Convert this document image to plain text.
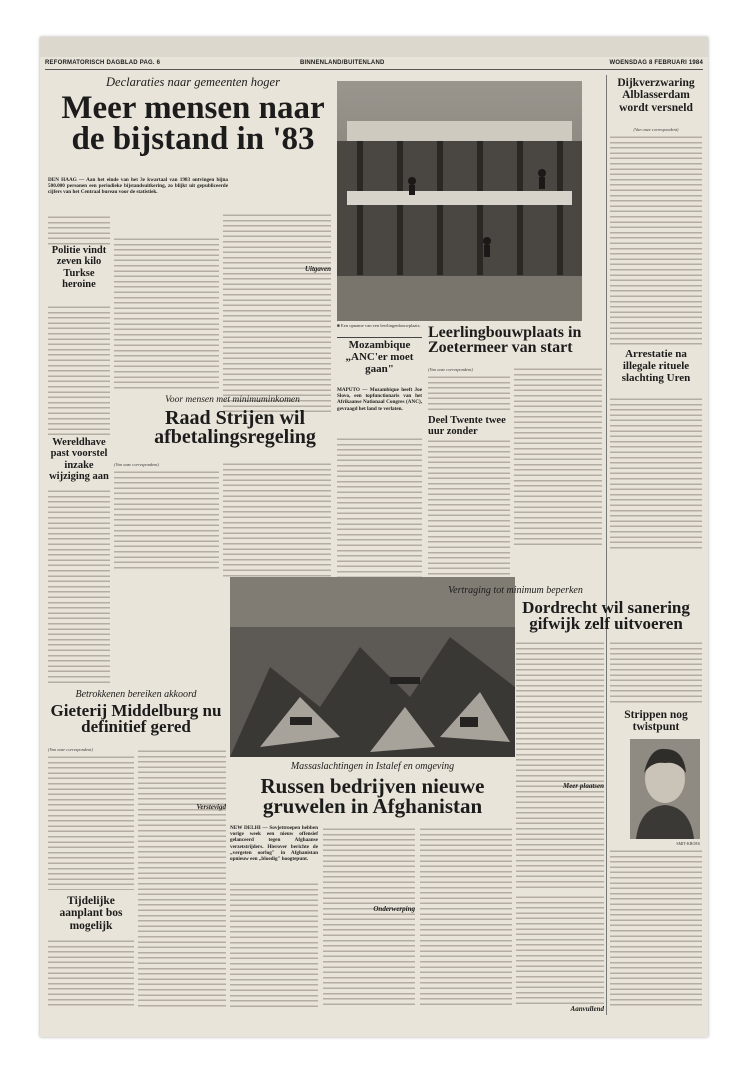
REFORMATORISCH DAGBLAD PAG. 6	BINNENLAND/BUITENLAND	WOENSDAG 8 FEBRUARI 1984
Declaraties naar gemeenten hoger
Meer mensen naar
de bijstand in '83
DEN HAAG — Aan het einde van het 3e kwartaal van 1983 ontvingen bijna 500.000 personen een periodieke bijstandsuitkering, zo blijkt uit gepubliceerde cijfers van het Centraal bureau voor de statistiek.
Politie vindt zeven kilo Turkse heroine
Wereldhave past voorstel inzake wijziging aan
Uitgaven
■ Een opname van een leerlingenbouwplaats.
Mozambique „ANC'er moet gaan"
MAPUTO — Mozambique heeft Joe Slovo, een topfunctionaris van het Afrikaanse Nationaal Congres (ANC), gevraagd het land te verlaten.
Leerlingbouwplaats in Zoetermeer van start
(Van onze correspondent)
Deel Twente twee uur zonder
Dijkverzwaring Alblasserdam wordt versneld
(Van onze correspondent)
Arrestatie na illegale rituele slachting Uren
Voor mensen met minimuminkomen
Raad Strijen wil afbetalingsregeling
(Van onze correspondent)
Vertraging tot minimum beperken
Dordrecht wil sanering gifwijk zelf uitvoeren
Meer plaatsen
Strippen nog twistpunt
SMIT-KROES
Aanvullend
Betrokkenen bereiken akkoord
Gieterij Middelburg nu definitief gered
(Van onze correspondent)
Verstevigd
Tijdelijke aanplant bos mogelijk
Massaslachtingen in Istalef en omgeving
Russen bedrijven nieuwe
gruwelen in Afghanistan
NEW DELHI — Sovjettroepen hebben vorige week een nieuw offensief gelanceerd tegen Afghaanse verzetstrijders. Hierover berichte de „vergeten oorlog" in Afghanistan opnieuw een „bloedig" hoogtepunt.
Onderwerping
